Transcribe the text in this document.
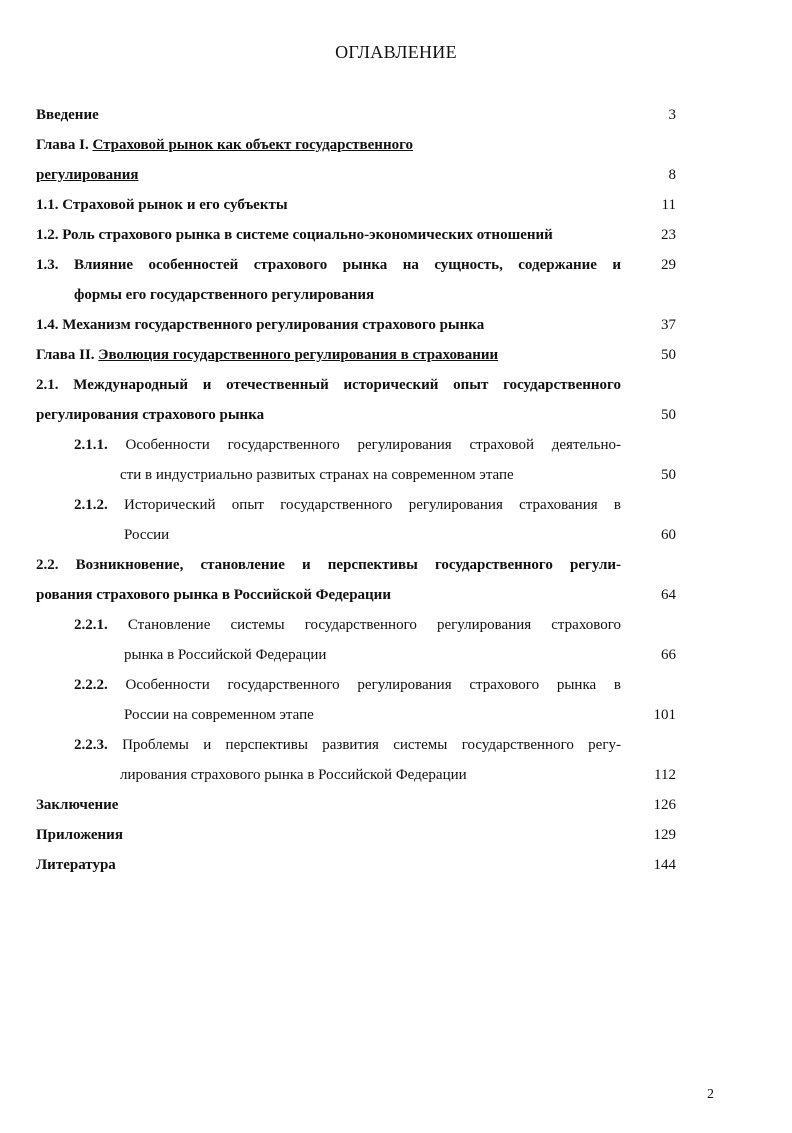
ОГЛАВЛЕНИЕ
Введение	3
Глава I. Страховой рынок как объект государственного
регулирования	8
1.1. Страховой рынок и его субъекты	11
1.2. Роль страхового рынка в системе социально-экономических отношений	23
1.3. Влияние особенностей страхового рынка на сущность, содержание и	29
формы его государственного регулирования
1.4. Механизм государственного регулирования страхового рынка	37
Глава II. Эволюция государственного регулирования в страховании	50
2.1. Международный и отечественный исторический опыт государственного
регулирования страхового рынка	50
2.1.1. Особенности государственного регулирования страховой деятельно-
сти в индустриально развитых странах на современном этапе	50
2.1.2. Исторический опыт государственного регулирования страхования в
России	60
2.2. Возникновение, становление и перспективы государственного регули-
рования страхового рынка в Российской Федерации	64
2.2.1. Становление системы государственного регулирования страхового
рынка в Российской Федерации	66
2.2.2. Особенности государственного регулирования страхового рынка в
России на современном этапе	101
2.2.3. Проблемы и перспективы развития системы государственного регу-
лирования страхового рынка в Российской Федерации	112
Заключение	126
Приложения	129
Литература	144
2
